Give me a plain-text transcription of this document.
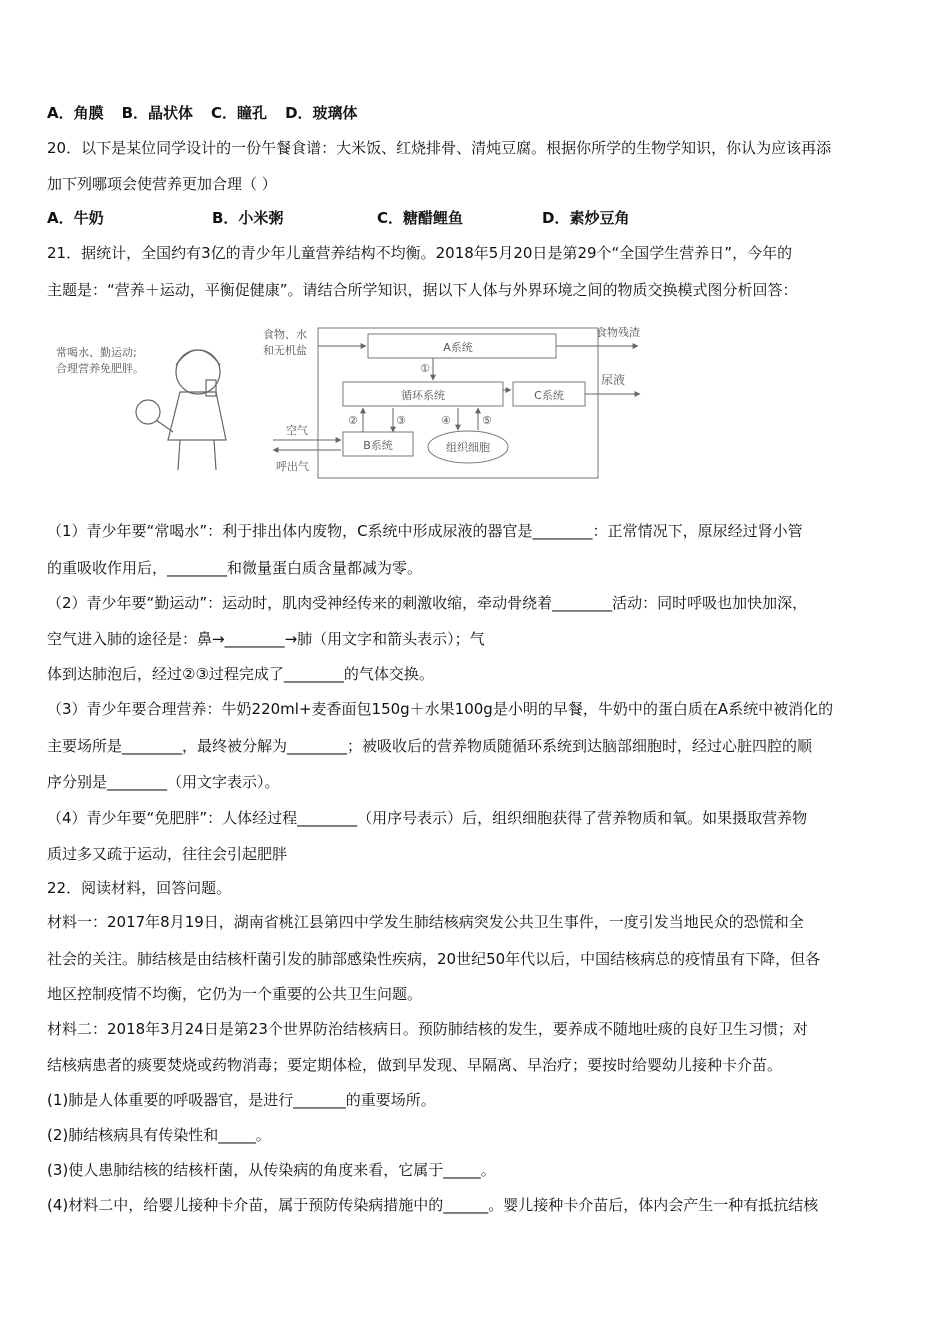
A．角膜 B．晶状体 C．瞳孔 D．玻璃体
20．以下是某位同学设计的一份午餐食谱：大米饭、红烧排骨、清炖豆腐。根据你所学的生物学知识，你认为应该再添
加下列哪项会使营养更加合理（ ）
A．牛奶	B．小米粥	C．糖醋鲤鱼	D．素炒豆角
21．据统计，全国约有3亿的青少年儿童营养结构不均衡。2018年5月20日是第29个“全国学生营养日”，今年的
主题是：“营养＋运动，平衡促健康”。请结合所学知识，据以下人体与外界环境之间的物质交换模式图分析回答：
常喝水、勤运动;
合理营养免肥胖。
食物、水
和无机盐	A系统
食物残渣
①
循环系统	C系统
尿液
B系统
②	③
空气
呼出气
组织细胞
④	⑤
（1）青少年要“常喝水”：利于排出体内废物，C系统中形成尿液的器官是________：正常情况下，原尿经过肾小管
的重吸收作用后，________和微量蛋白质含量都减为零。
（2）青少年要“勤运动”：运动时，肌肉受神经传来的刺激收缩，牵动骨绕着________活动：同时呼吸也加快加深，
空气进入肺的途径是：鼻→________→肺（用文字和箭头表示）；气
体到达肺泡后，经过②③过程完成了________的气体交换。
（3）青少年要合理营养：牛奶220ml+麦香面包150g＋水果100g是小明的早餐，牛奶中的蛋白质在A系统中被消化的
主要场所是________，最终被分解为________；被吸收后的营养物质随循环系统到达脑部细胞时，经过心脏四腔的顺
序分别是________（用文字表示）。
（4）青少年要“免肥胖”：人体经过程________（用序号表示）后，组织细胞获得了营养物质和氧。如果摄取营养物
质过多又疏于运动，往往会引起肥胖
22．阅读材料，回答问题。
材料一：2017年8月19日，湖南省桃江县第四中学发生肺结核病突发公共卫生事件，一度引发当地民众的恐慌和全
社会的关注。肺结核是由结核杆菌引发的肺部感染性疾病，20世纪50年代以后，中国结核病总的疫情虽有下降，但各
地区控制疫情不均衡，它仍为一个重要的公共卫生问题。
材料二：2018年3月24日是第23个世界防治结核病日。预防肺结核的发生，要养成不随地吐痰的良好卫生习惯；对
结核病患者的痰要焚烧或药物消毒；要定期体检，做到早发现、早隔离、早治疗；要按时给婴幼儿接种卡介苗。
(1)肺是人体重要的呼吸器官，是进行_______的重要场所。
(2)肺结核病具有传染性和_____。
(3)使人患肺结核的结核杆菌，从传染病的角度来看，它属于_____。
(4)材料二中，给婴儿接种卡介苗，属于预防传染病措施中的______。婴儿接种卡介苗后，体内会产生一种有抵抗结核
